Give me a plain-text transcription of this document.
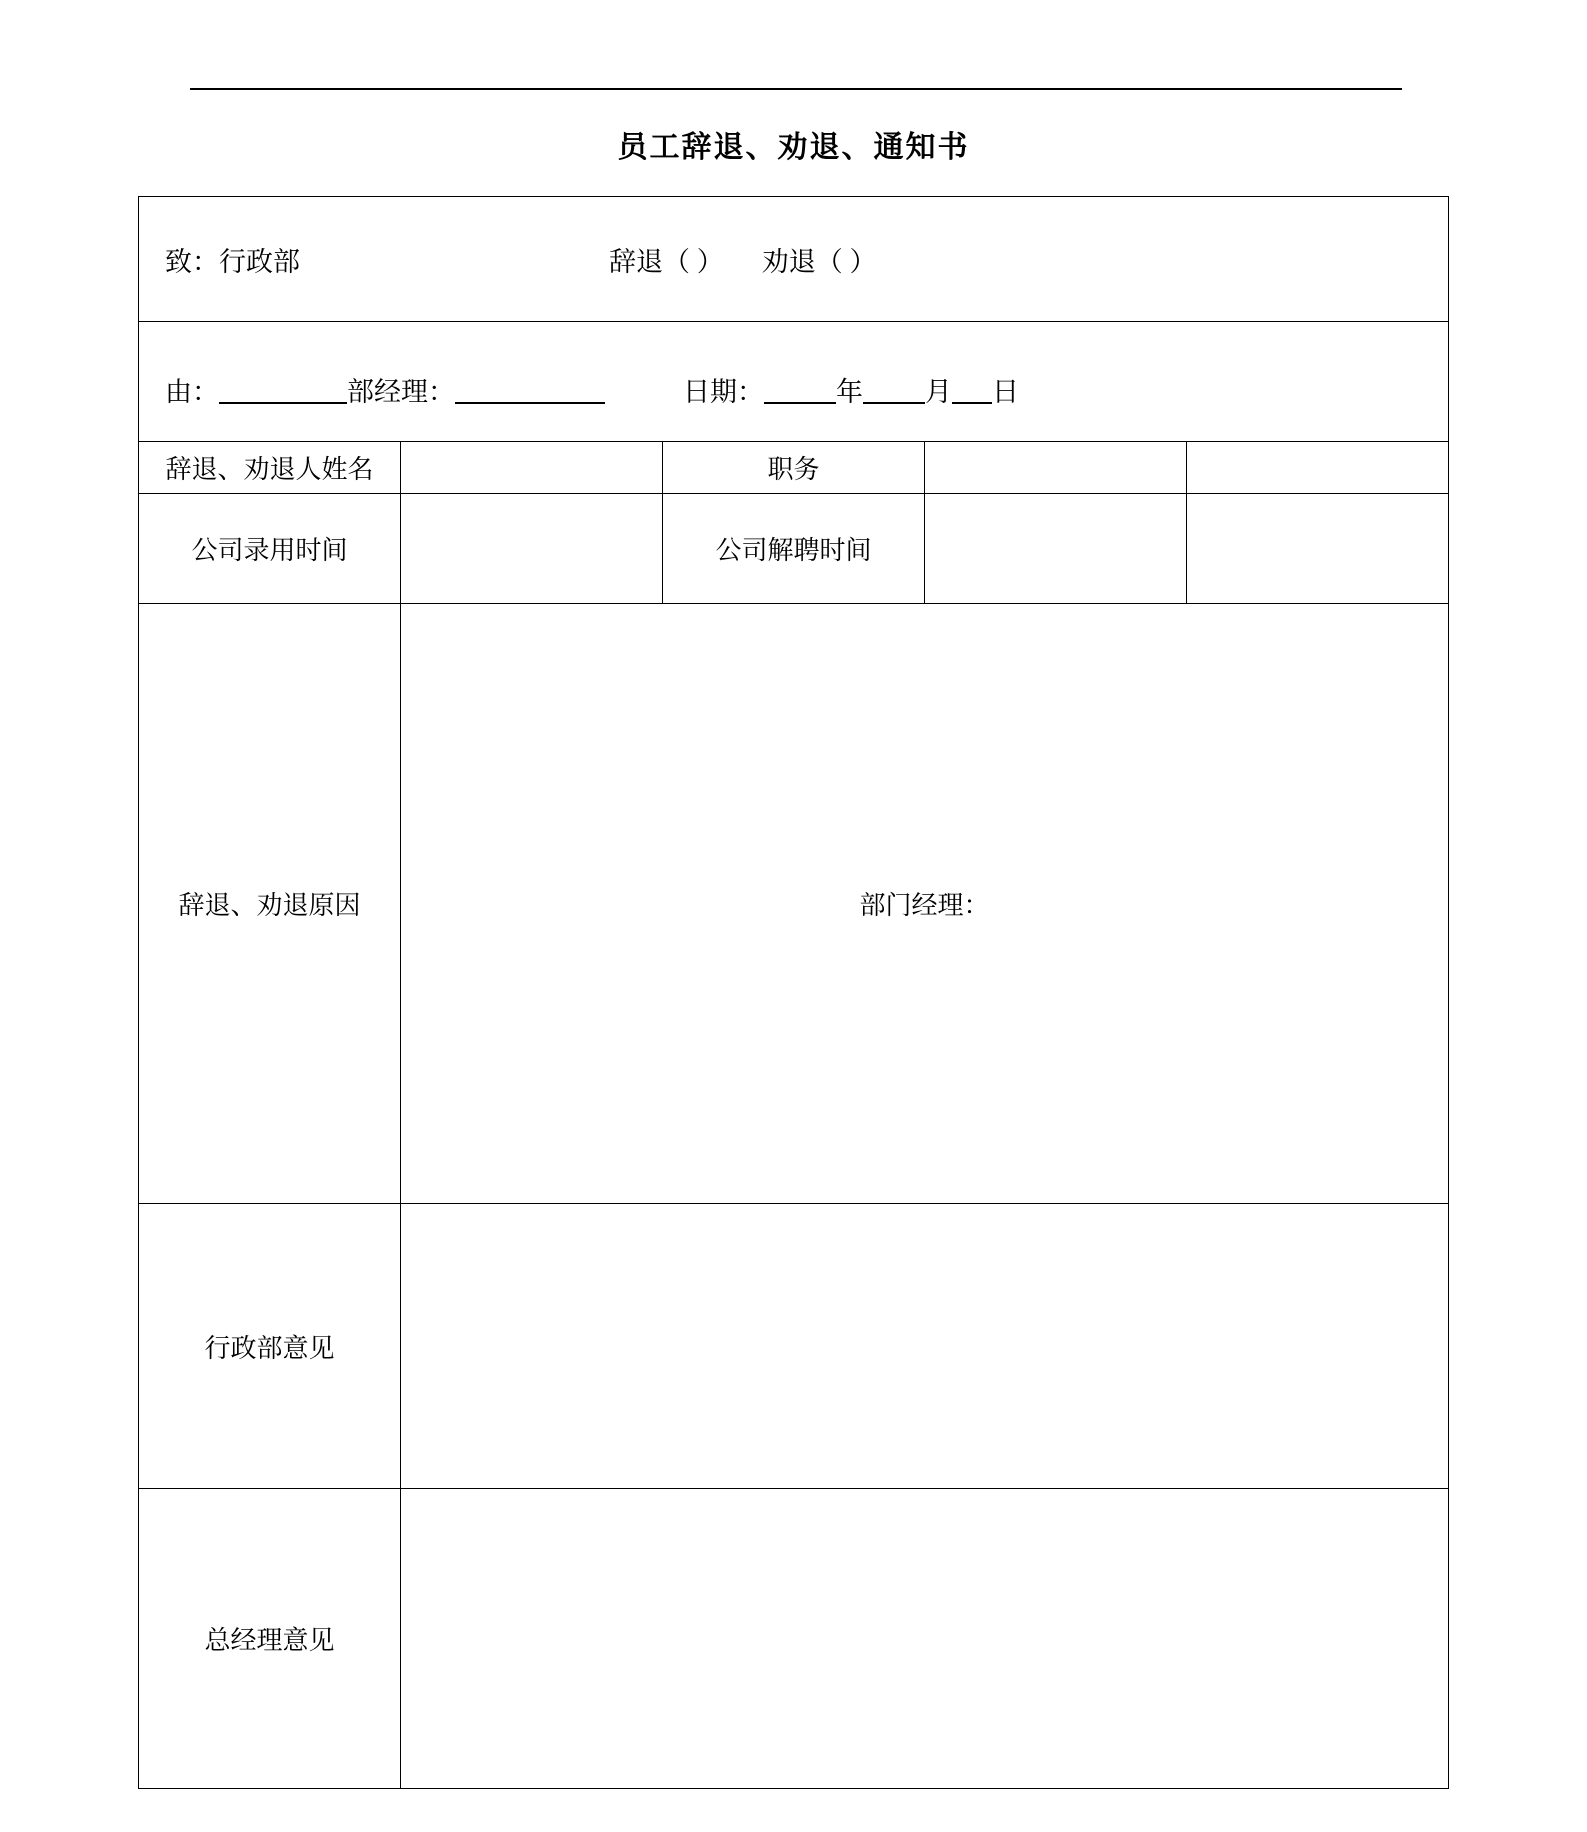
员工辞退、劝退、通知书
致：行政部 辞退（ ） 劝退（ ）				

由：	部经理：	日期：	年 月 日

辞退、劝退人姓名		职务		
公司录用时间		公司解聘时间		
辞退、劝退原因	部门经理：			
行政部意见				
总经理意见				
